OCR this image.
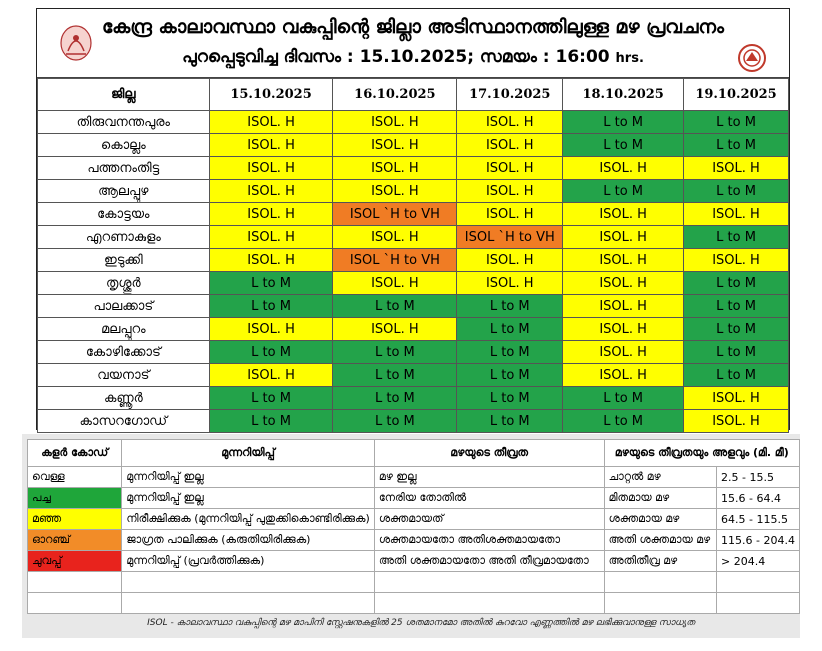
കേന്ദ്ര കാലാവസ്ഥാ വകുപ്പിന്റെ ജില്ലാ അടിസ്ഥാനത്തിലുള്ള മഴ പ്രവചനം
പുറപ്പെടുവിച്ച ദിവസം : 15.10.2025; സമയം : 16:00 hrs.
ജില്ല	15.10.2025	16.10.2025	17.10.2025	18.10.2025	19.10.2025
തിരുവനന്തപുരം	ISOL. H	ISOL. H	ISOL. H	L to M	L to M
കൊല്ലം	ISOL. H	ISOL. H	ISOL. H	L to M	L to M
പത്തനംതിട്ട	ISOL. H	ISOL. H	ISOL. H	ISOL. H	ISOL. H
ആലപ്പുഴ	ISOL. H	ISOL. H	ISOL. H	L to M	L to M
കോട്ടയം	ISOL. H	ISOL `H to VH	ISOL. H	ISOL. H	ISOL. H
എറണാകുളം	ISOL. H	ISOL. H	ISOL `H to VH	ISOL. H	L to M
ഇടുക്കി	ISOL. H	ISOL `H to VH	ISOL. H	ISOL. H	ISOL. H
തൃശ്ശൂർ	L to M	ISOL. H	ISOL. H	ISOL. H	L to M
പാലക്കാട്	L to M	L to M	L to M	ISOL. H	L to M
മലപ്പുറം	ISOL. H	ISOL. H	L to M	ISOL. H	L to M
കോഴിക്കോട്	L to M	L to M	L to M	ISOL. H	L to M
വയനാട്	ISOL. H	L to M	L to M	ISOL. H	L to M
കണ്ണൂർ	L to M	L to M	L to M	L to M	ISOL. H
കാസറഗോഡ്	L to M	L to M	L to M	L to M	ISOL. H
കളർ കോഡ്	മുന്നറിയിപ്പ്	മഴയുടെ തീവ്രത	മഴയുടെ തീവ്രതയും അളവും (മി. മീ)	
വെള്ള	മുന്നറിയിപ്പ് ഇല്ല	മഴ ഇല്ല	ചാറ്റൽ മഴ	2.5 - 15.5
പച്ച	മുന്നറിയിപ്പ് ഇല്ല	നേരിയ തോതിൽ	മിതമായ മഴ	15.6 - 64.4
മഞ്ഞ	നിരീക്ഷിക്കുക (മുന്നറിയിപ്പ് പുതുക്കികൊണ്ടിരിക്കുക)	ശക്തമായത്	ശക്തമായ മഴ	64.5 - 115.5
ഓറഞ്ച്	ജാഗ്രത പാലിക്കുക (കരുതിയിരിക്കുക)	ശക്തമായതോ അതിശക്തമായതോ	അതി ശക്തമായ മഴ	115.6 - 204.4
ചുവപ്പ്	മുന്നറിയിപ്പ് (പ്രവർത്തിക്കുക)	അതി ശക്തമായതോ അതി തീവ്രമായതോ	അതിതീവ്ര മഴ	> 204.4

ISOL - കാലാവസ്ഥാ വകുപ്പിന്റെ മഴ മാപിനി സ്റ്റേഷനുകളിൽ 25 ശതമാനമോ അതിൽ കുറവോ എണ്ണത്തിൽ മഴ ലഭിക്കുവാനുള്ള സാധ്യത
